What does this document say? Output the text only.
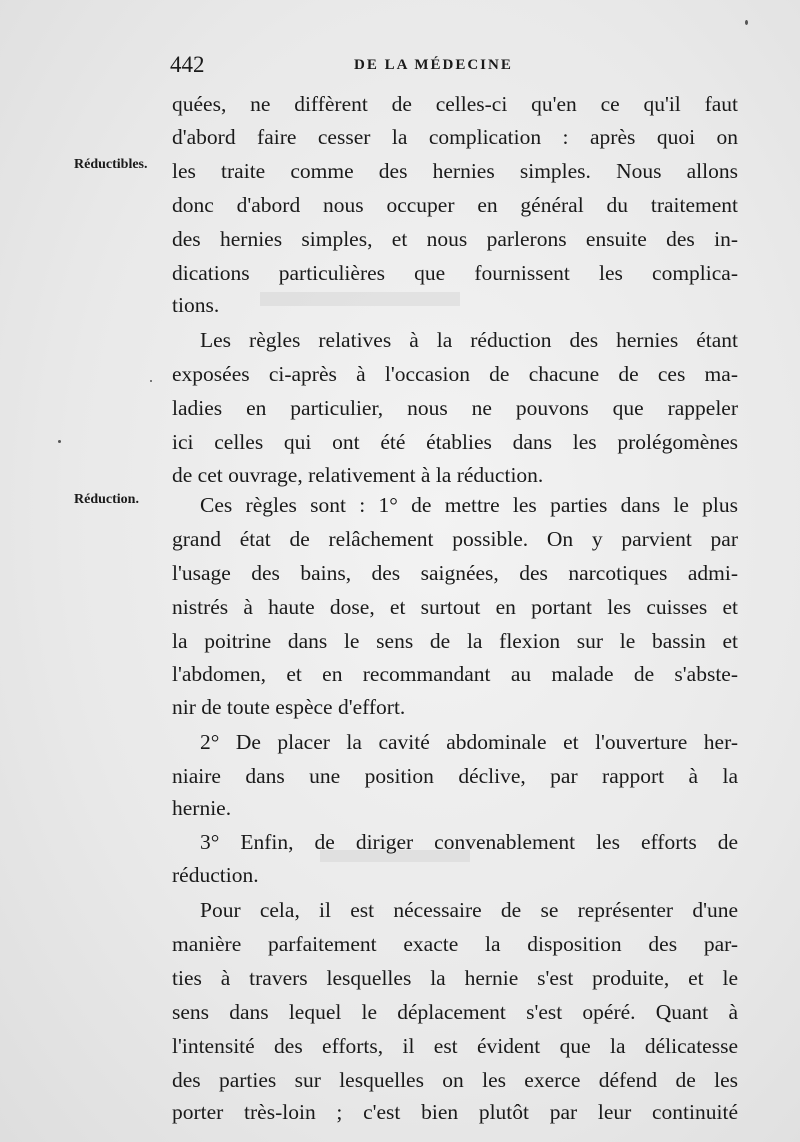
442	DE LA MÉDECINE
Réductibles.
Réduction.
quées, ne diffèrent de celles-ci qu'en ce qu'il faut
d'abord faire cesser la complication : après quoi on
les traite comme des hernies simples. Nous allons
donc d'abord nous occuper en général du traitement
des hernies simples, et nous parlerons ensuite des in-
dications particulières que fournissent les complica-
tions.
Les règles relatives à la réduction des hernies étant
exposées ci-après à l'occasion de chacune de ces ma-
ladies en particulier, nous ne pouvons que rappeler
ici celles qui ont été établies dans les prolégomènes
de cet ouvrage, relativement à la réduction.
Ces règles sont : 1° de mettre les parties dans le plus
grand état de relâchement possible. On y parvient par
l'usage des bains, des saignées, des narcotiques admi-
nistrés à haute dose, et surtout en portant les cuisses et
la poitrine dans le sens de la flexion sur le bassin et
l'abdomen, et en recommandant au malade de s'abste-
nir de toute espèce d'effort.
2° De placer la cavité abdominale et l'ouverture her-
niaire dans une position déclive, par rapport à la
hernie.
3° Enfin, de diriger convenablement les efforts de
réduction.
Pour cela, il est nécessaire de se représenter d'une
manière parfaitement exacte la disposition des par-
ties à travers lesquelles la hernie s'est produite, et le
sens dans lequel le déplacement s'est opéré. Quant à
l'intensité des efforts, il est évident que la délicatesse
des parties sur lesquelles on les exerce défend de les
porter très-loin ; c'est bien plutôt par leur continuité
